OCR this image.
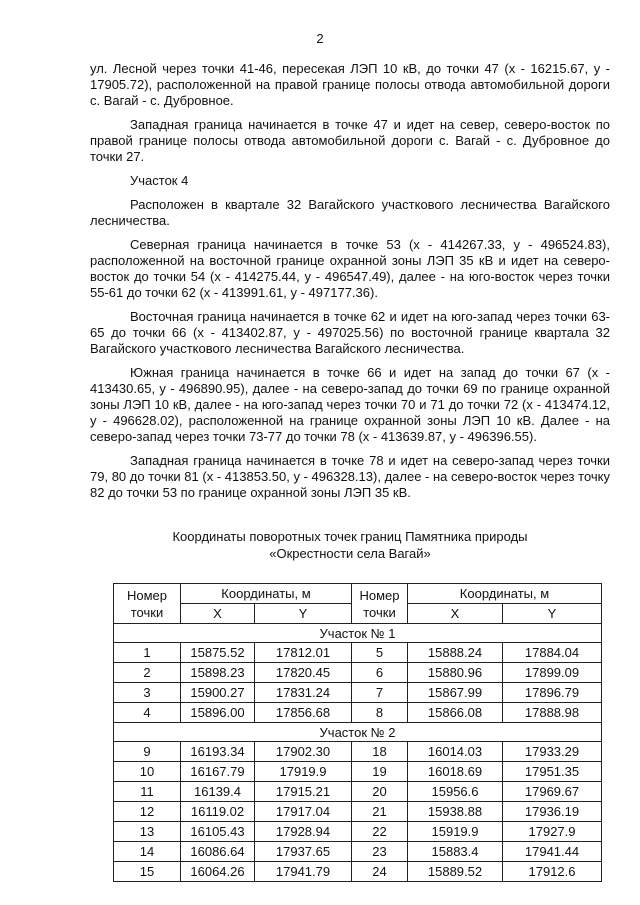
2

ул. Лесной через точки 41-46, пересекая ЛЭП 10 кВ, до точки 47 (х - 16215.67, у - 17905.72), расположенной на правой границе полосы отвода автомобильной дороги с. Вагай - с. Дубровное.

Западная граница начинается в точке 47 и идет на север, северо-восток по правой границе полосы отвода автомобильной дороги с. Вагай - с. Дубровное до точки 27.

Участок 4

Расположен в квартале 32 Вагайского участкового лесничества Вагайского лесничества.

Северная граница начинается в точке 53 (х - 414267.33, у - 496524.83), расположенной на восточной границе охранной зоны ЛЭП 35 кВ и идет на северо-восток до точки 54 (х - 414275.44, у - 496547.49), далее - на юго-восток через точки 55-61 до точки 62 (х - 413991.61, у - 497177.36).

Восточная граница начинается в точке 62 и идет на юго-запад через точки 63-65 до точки 66 (х - 413402.87, у - 497025.56) по восточной границе квартала 32 Вагайского участкового лесничества Вагайского лесничества.

Южная граница начинается в точке 66 и идет на запад до точки 67 (х - 413430.65, у - 496890.95), далее - на северо-запад до точки 69 по границе охранной зоны ЛЭП 10 кВ, далее - на юго-запад через точки 70 и 71 до точки 72 (х - 413474.12, у - 496628.02), расположенной на границе охранной зоны ЛЭП 10 кВ. Далее - на северо-запад через точки 73-77 до точки 78 (х - 413639.87, у - 496396.55).

Западная граница начинается в точке 78 и идет на северо-запад через точки 79, 80 до точки 81 (х - 413853.50, у - 496328.13), далее - на северо-восток через точку 82 до точки 53 по границе охранной зоны ЛЭП 35 кВ.

Координаты поворотных точек границ Памятника природы
«Окрестности села Вагай»
Номер точки	Координаты, м		Номер точки	Координаты, м	
	X	Y		X	Y
Участок № 1					
1	15875.52	17812.01	5	15888.24	17884.04
2	15898.23	17820.45	6	15880.96	17899.09
3	15900.27	17831.24	7	15867.99	17896.79
4	15896.00	17856.68	8	15866.08	17888.98
Участок № 2					
9	16193.34	17902.30	18	16014.03	17933.29
10	16167.79	17919.9	19	16018.69	17951.35
11	16139.4	17915.21	20	15956.6	17969.67
12	16119.02	17917.04	21	15938.88	17936.19
13	16105.43	17928.94	22	15919.9	17927.9
14	16086.64	17937.65	23	15883.4	17941.44
15	16064.26	17941.79	24	15889.52	17912.6
